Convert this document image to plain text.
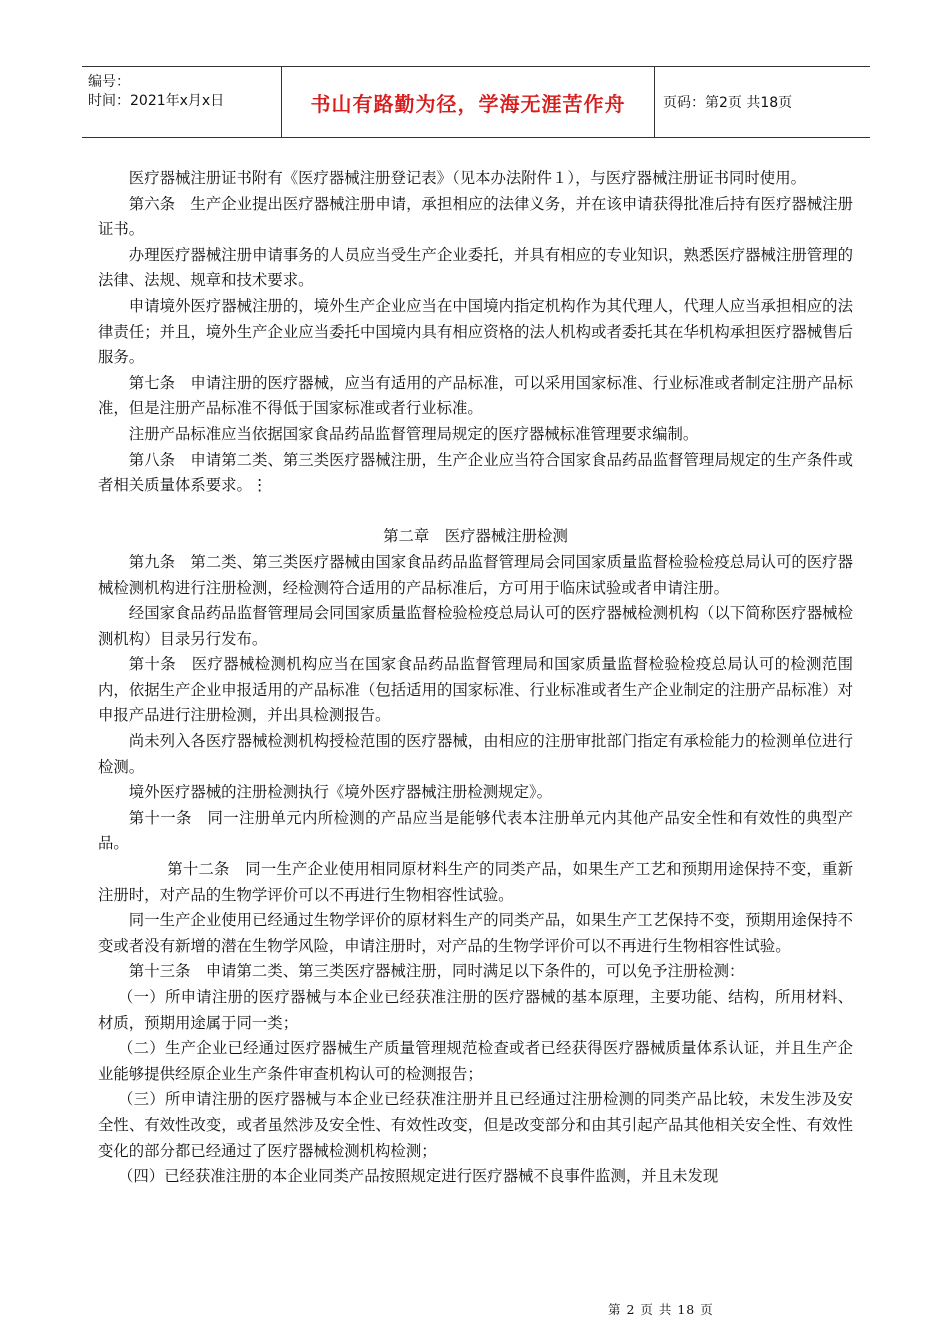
编号：
时间：2021年x月x日	书山有路勤为径，学海无涯苦作舟	页码：第2页 共18页

医疗器械注册证书附有《医疗器械注册登记表》（见本办法附件１），与医疗器械注册证书同时使用。

第六条　生产企业提出医疗器械注册申请，承担相应的法律义务，并在该申请获得批准后持有医疗器械注册证书。

办理医疗器械注册申请事务的人员应当受生产企业委托，并具有相应的专业知识，熟悉医疗器械注册管理的法律、法规、规章和技术要求。

申请境外医疗器械注册的，境外生产企业应当在中国境内指定机构作为其代理人，代理人应当承担相应的法律责任；并且，境外生产企业应当委托中国境内具有相应资格的法人机构或者委托其在华机构承担医疗器械售后服务。

第七条　申请注册的医疗器械，应当有适用的产品标准，可以采用国家标准、行业标准或者制定注册产品标准，但是注册产品标准不得低于国家标准或者行业标准。

注册产品标准应当依据国家食品药品监督管理局规定的医疗器械标准管理要求编制。

第八条　申请第二类、第三类医疗器械注册，生产企业应当符合国家食品药品监督管理局规定的生产条件或者相关质量体系要求。⋮

第二章　医疗器械注册检测

第九条　第二类、第三类医疗器械由国家食品药品监督管理局会同国家质量监督检验检疫总局认可的医疗器械检测机构进行注册检测，经检测符合适用的产品标准后，方可用于临床试验或者申请注册。

经国家食品药品监督管理局会同国家质量监督检验检疫总局认可的医疗器械检测机构（以下简称医疗器械检测机构）目录另行发布。

第十条　医疗器械检测机构应当在国家食品药品监督管理局和国家质量监督检验检疫总局认可的检测范围内，依据生产企业申报适用的产品标准（包括适用的国家标准、行业标准或者生产企业制定的注册产品标准）对申报产品进行注册检测，并出具检测报告。

尚未列入各医疗器械检测机构授检范围的医疗器械，由相应的注册审批部门指定有承检能力的检测单位进行检测。

境外医疗器械的注册检测执行《境外医疗器械注册检测规定》。

第十一条　同一注册单元内所检测的产品应当是能够代表本注册单元内其他产品安全性和有效性的典型产品。

第十二条　同一生产企业使用相同原材料生产的同类产品，如果生产工艺和预期用途保持不变，重新注册时，对产品的生物学评价可以不再进行生物相容性试验。

同一生产企业使用已经通过生物学评价的原材料生产的同类产品，如果生产工艺保持不变，预期用途保持不变或者没有新增的潜在生物学风险，申请注册时，对产品的生物学评价可以不再进行生物相容性试验。

第十三条　申请第二类、第三类医疗器械注册，同时满足以下条件的，可以免予注册检测：

（一）所申请注册的医疗器械与本企业已经获准注册的医疗器械的基本原理，主要功能、结构，所用材料、材质，预期用途属于同一类；

（二）生产企业已经通过医疗器械生产质量管理规范检查或者已经获得医疗器械质量体系认证，并且生产企业能够提供经原企业生产条件审查机构认可的检测报告；

（三）所申请注册的医疗器械与本企业已经获准注册并且已经通过注册检测的同类产品比较，未发生涉及安全性、有效性改变，或者虽然涉及安全性、有效性改变，但是改变部分和由其引起产品其他相关安全性、有效性变化的部分都已经通过了医疗器械检测机构检测；

（四）已经获准注册的本企业同类产品按照规定进行医疗器械不良事件监测，并且未发现

第 2 页 共 18 页
